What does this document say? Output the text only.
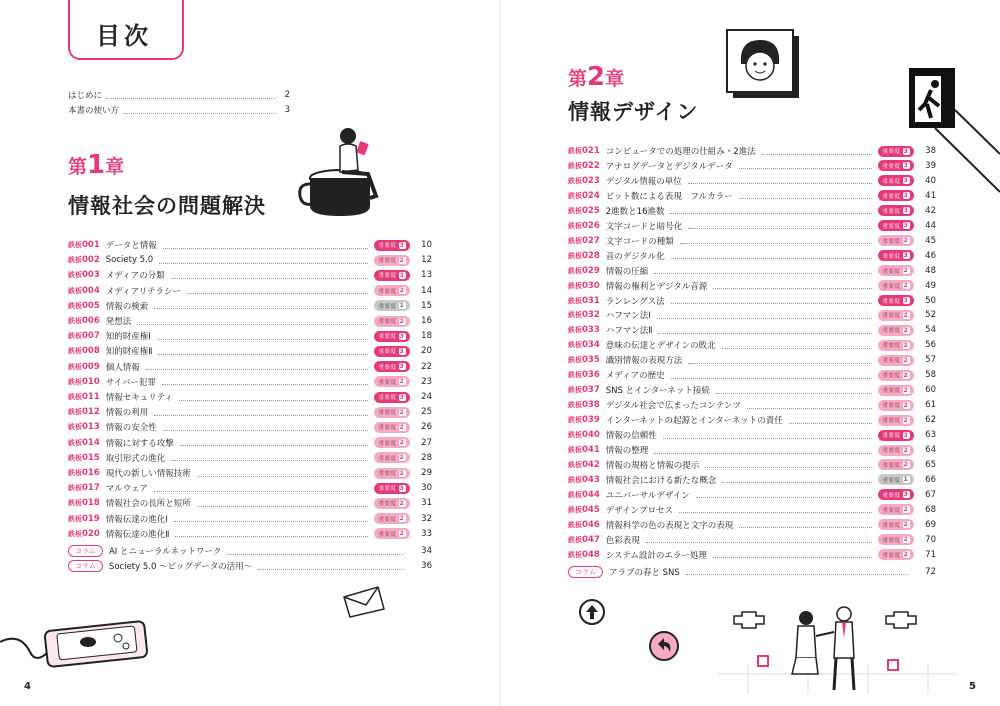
目次
はじめに	2
本書の使い方	3
第1章
情報社会の問題解決
鉄板001 データと情報	重要度 3	10
鉄板002 Society 5.0	重要度 2	12
鉄板003 メディアの分類	重要度 3	13
鉄板004 メディアリテラシー	重要度 2	14
鉄板005 情報の検索	重要度 1	15
鉄板006 発想法	重要度 2	16
鉄板007 知的財産権Ⅰ	重要度 3	18
鉄板008 知的財産権Ⅱ	重要度 3	20
鉄板009 個人情報	重要度 3	22
鉄板010 サイバー犯罪	重要度 2	23
鉄板011 情報セキュリティ	重要度 3	24
鉄板012 情報の利用	重要度 2	25
鉄板013 情報の安全性	重要度 2	26
鉄板014 情報に対する攻撃	重要度 2	27
鉄板015 取引形式の進化	重要度 2	28
鉄板016 現代の新しい情報技術	重要度 2	29
鉄板017 マルウェア	重要度 3	30
鉄板018 情報社会の長所と短所	重要度 2	31
鉄板019 情報伝達の進化Ⅰ	重要度 2	32
鉄板020 情報伝達の進化Ⅱ	重要度 2	33
コラム	AI とニューラルネットワーク	34
コラム	Society 5.0 〜ビッグデータの活用〜	36
4
第2章
情報デザイン
鉄板021 コンピュータでの処理の仕組み・2進法	重要度 3	38
鉄板022 アナログデータとデジタルデータ	重要度 3	39
鉄板023 デジタル情報の単位	重要度 3	40
鉄板024 ビット数による表現　フルカラー	重要度 3	41
鉄板025 2進数と16進数	重要度 3	42
鉄板026 文字コードと暗号化	重要度 3	44
鉄板027 文字コードの種類	重要度 2	45
鉄板028 音のデジタル化	重要度 3	46
鉄板029 情報の圧縮	重要度 2	48
鉄板030 情報の権利とデジタル音源	重要度 2	49
鉄板031 ランレングス法	重要度 3	50
鉄板032 ハフマン法Ⅰ	重要度 2	52
鉄板033 ハフマン法Ⅱ	重要度 2	54
鉄板034 意味の伝達とデザインの敗北	重要度 2	56
鉄板035 識別情報の表現方法	重要度 2	57
鉄板036 メディアの歴史	重要度 2	58
鉄板037 SNS とインターネット接続	重要度 2	60
鉄板038 デジタル社会で広まったコンテンツ	重要度 2	61
鉄板039 インターネットの起源とインターネットの責任	重要度 2	62
鉄板040 情報の信頼性	重要度 3	63
鉄板041 情報の整理	重要度 2	64
鉄板042 情報の規格と情報の提示	重要度 2	65
鉄板043 情報社会における新たな概念	重要度 1	66
鉄板044 ユニバーサルデザイン	重要度 3	67
鉄板045 デザインプロセス	重要度 2	68
鉄板046 情報科学の色の表現と文字の表現	重要度 2	69
鉄板047 色彩表現	重要度 2	70
鉄板048 システム設計のエラー処理	重要度 2	71
コラム	アラブの春と SNS	72
5
